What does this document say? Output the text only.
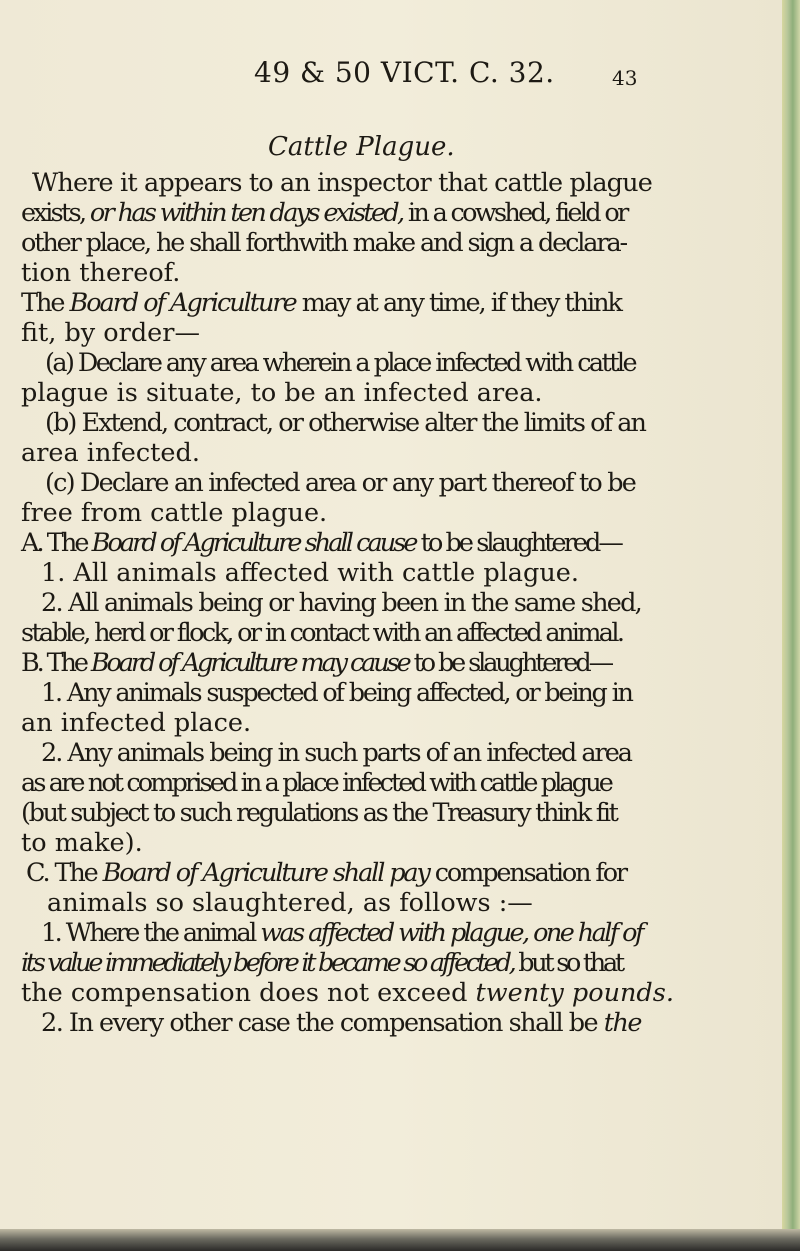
49 & 50 VICT. C. 32.	43
Cattle Plague.
Where it appears to an inspector that cattle plague
exists, or has within ten days existed, in a cowshed, field or
other place, he shall forthwith make and sign a declara-
tion thereof.
The Board of Agriculture may at any time, if they think
fit, by order—
(a) Declare any area wherein a place infected with cattle
plague is situate, to be an infected area.
(b) Extend, contract, or otherwise alter the limits of an
area infected.
(c) Declare an infected area or any part thereof to be
free from cattle plague.
A. The Board of Agriculture shall cause to be slaughtered—
1. All animals affected with cattle plague.
2. All animals being or having been in the same shed,
stable, herd or flock, or in contact with an affected animal.
B. The Board of Agriculture may cause to be slaughtered—
1. Any animals suspected of being affected, or being in
an infected place.
2. Any animals being in such parts of an infected area
as are not comprised in a place infected with cattle plague
(but subject to such regulations as the Treasury think fit
to make).
C. The Board of Agriculture shall pay compensation for
animals so slaughtered, as follows :—
1. Where the animal was affected with plague, one half of
its value immediately before it became so affected, but so that
the compensation does not exceed twenty pounds.
2. In every other case the compensation shall be the
